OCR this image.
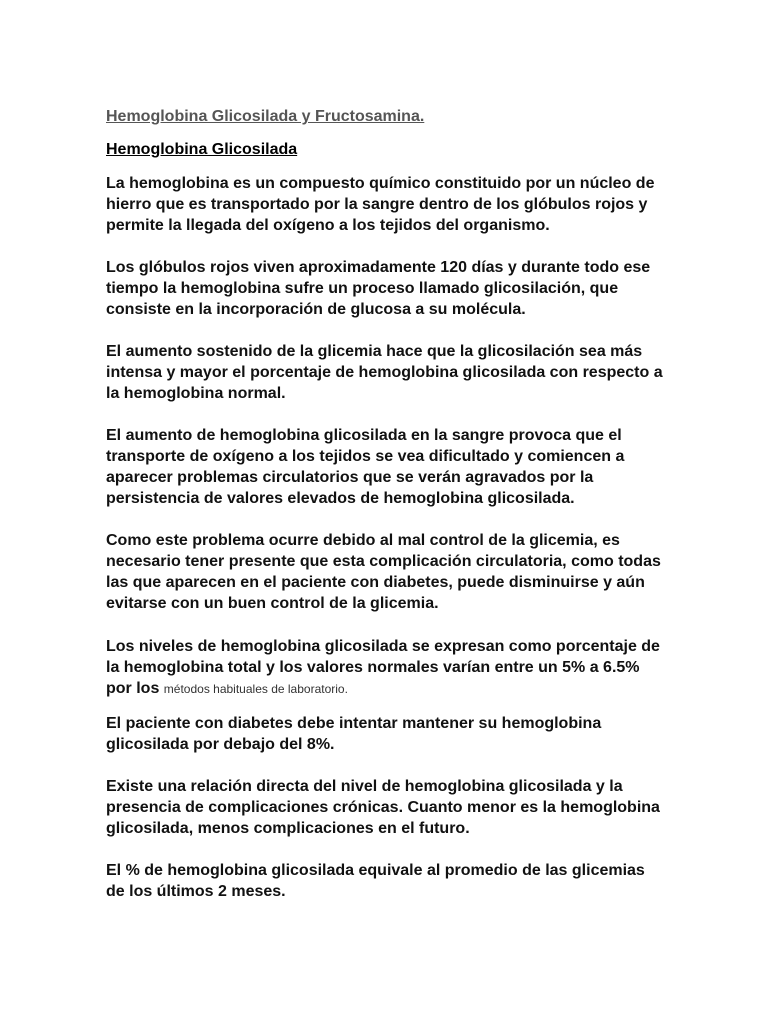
Hemoglobina Glicosilada y Fructosamina.

Hemoglobina Glicosilada

La hemoglobina es un compuesto químico constituido por un núcleo de hierro que es transportado por la sangre dentro de los glóbulos rojos y permite la llegada del oxígeno a los tejidos del organismo.

Los glóbulos rojos viven aproximadamente 120 días y durante todo ese tiempo la hemoglobina sufre un proceso llamado glicosilación, que consiste en la incorporación de glucosa a su molécula.

El aumento sostenido de la glicemia hace que la glicosilación sea más intensa y mayor el porcentaje de hemoglobina glicosilada con respecto a la hemoglobina normal.

El aumento de hemoglobina glicosilada en la sangre provoca que el transporte de oxígeno a los tejidos se vea dificultado y comiencen a aparecer problemas circulatorios que se verán agravados por la persistencia de valores elevados de hemoglobina glicosilada.

Como este problema ocurre debido al mal control de la glicemia, es necesario tener presente que esta complicación circulatoria, como todas las que aparecen en el paciente con diabetes, puede disminuirse y aún evitarse con un buen control de la glicemia.

Los niveles de hemoglobina glicosilada se expresan como porcentaje de la hemoglobina total y los valores normales varían entre un 5% a 6.5% por los métodos habituales de laboratorio.

El paciente con diabetes debe intentar mantener su hemoglobina glicosilada por debajo del 8%.

Existe una relación directa del nivel de hemoglobina glicosilada y la presencia de complicaciones crónicas. Cuanto menor es la hemoglobina glicosilada, menos complicaciones en el futuro.

El % de hemoglobina glicosilada equivale al promedio de las glicemias de los últimos 2 meses.
